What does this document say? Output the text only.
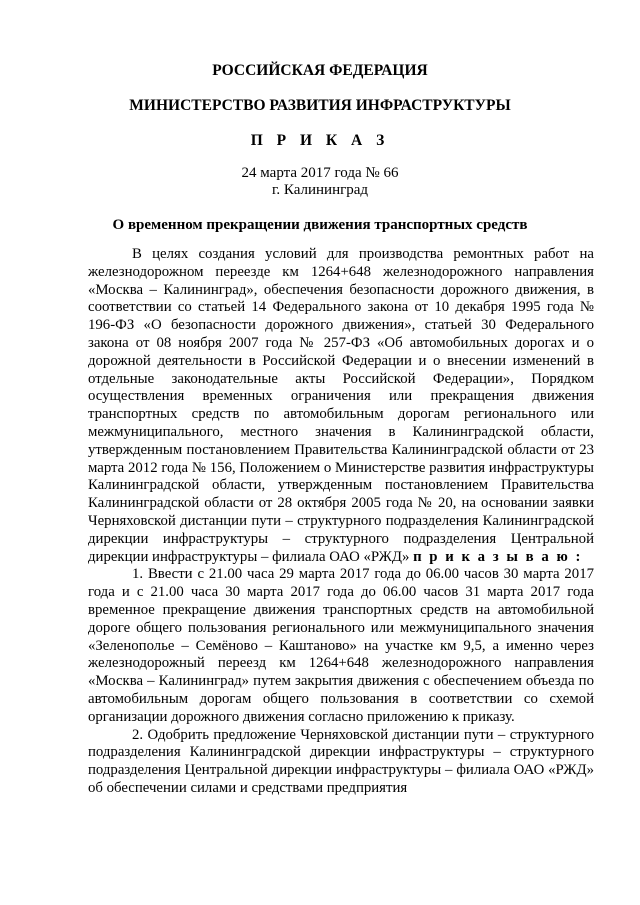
РОССИЙСКАЯ ФЕДЕРАЦИЯ
МИНИСТЕРСТВО РАЗВИТИЯ ИНФРАСТРУКТУРЫ
П Р И К А З
24 марта 2017 года № 66
г. Калининград
О временном прекращении движения транспортных средств

В целях создания условий для производства ремонтных работ на железнодорожном переезде км 1264+648 железнодорожного направления «Москва – Калининград», обеспечения безопасности дорожного движения, в соответствии со статьей 14 Федерального закона от 10 декабря 1995 года № 196-ФЗ «О безопасности дорожного движения», статьей 30 Федерального закона от 08 ноября 2007 года № 257-ФЗ «Об автомобильных дорогах и о дорожной деятельности в Российской Федерации и о внесении изменений в отдельные законодательные акты Российской Федерации», Порядком осуществления временных ограничения или прекращения движения транспортных средств по автомобильным дорогам регионального или межмуниципального, местного значения в Калининградской области, утвержденным постановлением Правительства Калининградской области от 23 марта 2012 года № 156, Положением о Министерстве развития инфраструктуры Калининградской области, утвержденным постановлением Правительства Калининградской области от 28 октября 2005 года № 20, на основании заявки Черняховской дистанции пути – структурного подразделения Калининградской дирекции инфраструктуры – структурного подразделения Центральной дирекции инфраструктуры – филиала ОАО «РЖД» п р и к а з ы в а ю :

1. Ввести с 21.00 часа 29 марта 2017 года до 06.00 часов 30 марта 2017 года и с 21.00 часа 30 марта 2017 года до 06.00 часов 31 марта 2017 года временное прекращение движения транспортных средств на автомобильной дороге общего пользования регионального или межмуниципального значения «Зеленополье – Семёново – Каштаново» на участке км 9,5, а именно через железнодорожный переезд км 1264+648 железнодорожного направления «Москва – Калининград» путем закрытия движения с обеспечением объезда по автомобильным дорогам общего пользования в соответствии со схемой организации дорожного движения согласно приложению к приказу.

2. Одобрить предложение Черняховской дистанции пути – структурного подразделения Калининградской дирекции инфраструктуры – структурного подразделения Центральной дирекции инфраструктуры – филиала ОАО «РЖД» об обеспечении силами и средствами предприятия
